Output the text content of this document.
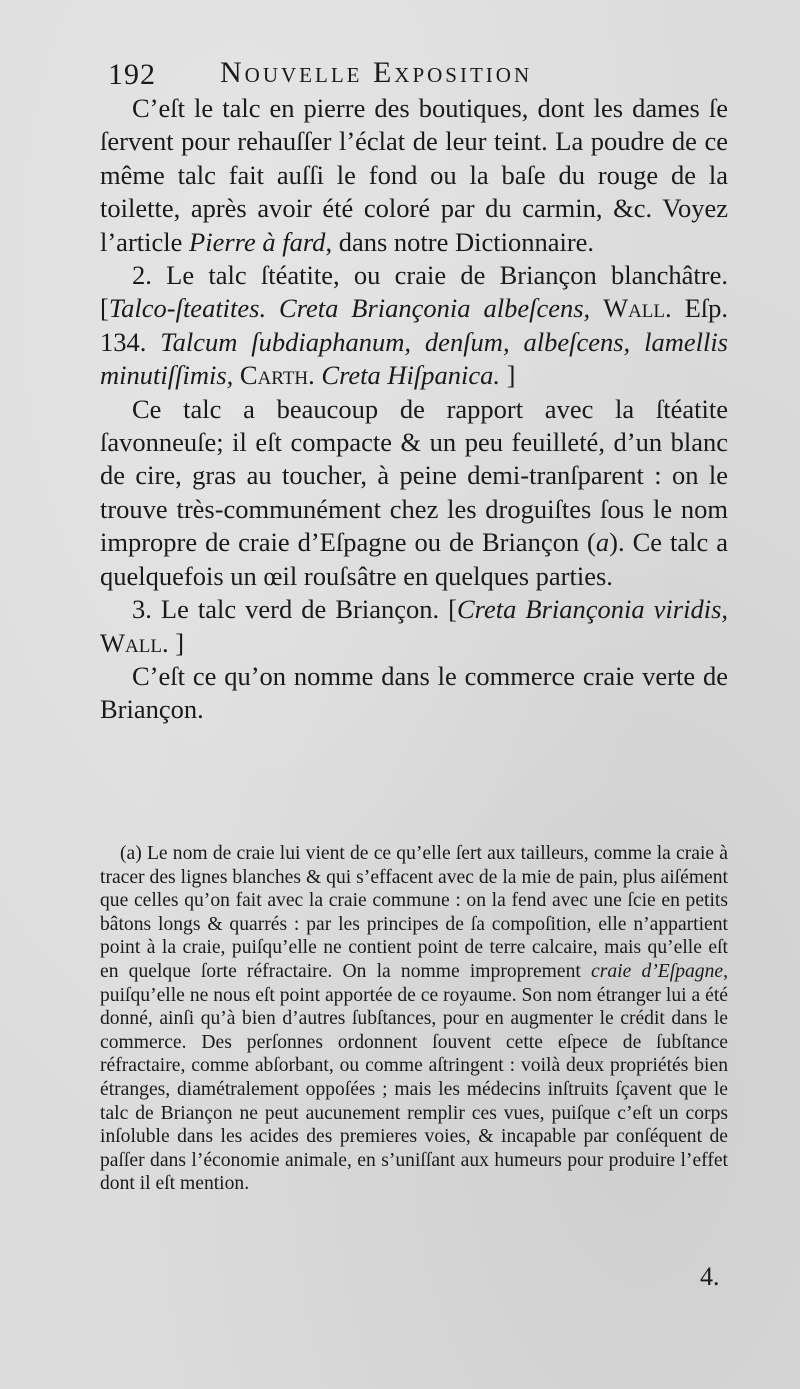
192 Nouvelle Exposition

C’eſt le talc en pierre des boutiques, dont les dames ſe ſervent pour rehauſſer l’éclat de leur teint. La poudre de ce même talc fait auſſi le fond ou la baſe du rouge de la toilette, après avoir été coloré par du carmin, &c. Voyez l’article Pierre à fard, dans notre Dictionnaire.

2. Le talc ſtéatite, ou craie de Briançon blanchâtre. [Talco-ſteatites. Creta Briançonia albeſcens, Wall. Eſp. 134. Talcum ſubdiaphanum, denſum, albeſcens, lamellis minutiſſimis, Carth. Creta Hiſpanica. ]

Ce talc a beaucoup de rapport avec la ſtéatite ſavonneuſe; il eſt compacte & un peu feuilleté, d’un blanc de cire, gras au toucher, à peine demi-tranſparent : on le trouve très-communément chez les droguiſtes ſous le nom impropre de craie d’Eſpagne ou de Briançon (a). Ce talc a quelquefois un œil rouſsâtre en quelques parties.

3. Le talc verd de Briançon. [Creta Briançonia viridis, Wall. ]

C’eſt ce qu’on nomme dans le commerce craie verte de Briançon.

(a) Le nom de craie lui vient de ce qu’elle ſert aux tailleurs, comme la craie à tracer des lignes blanches & qui s’effacent avec de la mie de pain, plus aiſément que celles qu’on fait avec la craie commune : on la fend avec une ſcie en petits bâtons longs & quarrés : par les principes de ſa compoſition, elle n’appartient point à la craie, puiſqu’elle ne contient point de terre calcaire, mais qu’elle eſt en quelque ſorte réfractaire. On la nomme improprement craie d’Eſpagne, puiſqu’elle ne nous eſt point apportée de ce royaume. Son nom étranger lui a été donné, ainſi qu’à bien d’autres ſubſtances, pour en augmenter le crédit dans le commerce. Des perſonnes ordonnent ſouvent cette eſpece de ſubſtance réfractaire, comme abſorbant, ou comme aſtringent : voilà deux propriétés bien étranges, diamétralement oppoſées ; mais les médecins inſtruits ſçavent que le talc de Briançon ne peut aucunement remplir ces vues, puiſque c’eſt un corps inſoluble dans les acides des premieres voies, & incapable par conſéquent de paſſer dans l’économie animale, en s’uniſſant aux humeurs pour produire l’effet dont il eſt mention.

4.
